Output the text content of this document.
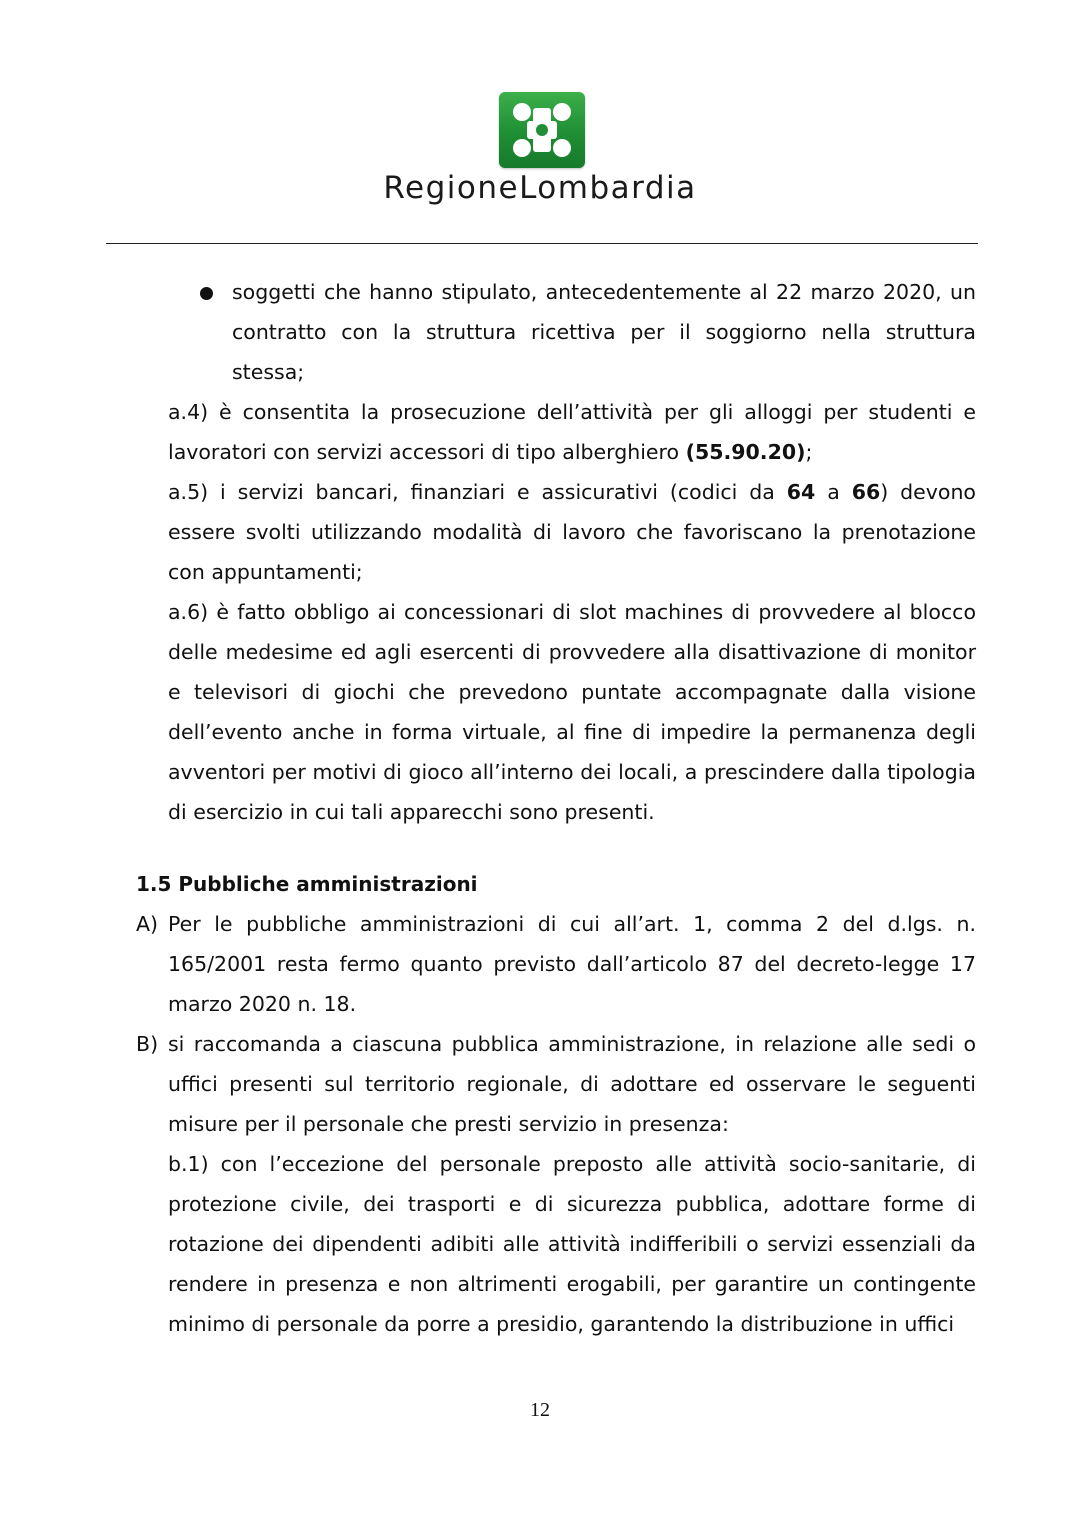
RegioneLombardia

soggetti che hanno stipulato, antecedentemente al 22 marzo 2020, un contratto con la struttura ricettiva per il soggiorno nella struttura stessa;

a.4) è consentita la prosecuzione dell’attività per gli alloggi per studenti e lavoratori con servizi accessori di tipo alberghiero (55.90.20);

a.5) i servizi bancari, finanziari e assicurativi (codici da 64 a 66) devono essere svolti utilizzando modalità di lavoro che favoriscano la prenotazione con appuntamenti;

a.6) è fatto obbligo ai concessionari di slot machines di provvedere al blocco delle medesime ed agli esercenti di provvedere alla disattivazione di monitor e televisori di giochi che prevedono puntate accompagnate dalla visione dell’evento anche in forma virtuale, al fine di impedire la permanenza degli avventori per motivi di gioco all’interno dei locali, a prescindere dalla tipologia di esercizio in cui tali apparecchi sono presenti.

1.5 Pubbliche amministrazioni

A) Per le pubbliche amministrazioni di cui all’art. 1, comma 2 del d.lgs. n. 165/2001 resta fermo quanto previsto dall’articolo 87 del decreto-legge 17 marzo 2020 n. 18.

B) si raccomanda a ciascuna pubblica amministrazione, in relazione alle sedi o uffici presenti sul territorio regionale, di adottare ed osservare le seguenti misure per il personale che presti servizio in presenza:

b.1) con l’eccezione del personale preposto alle attività socio-sanitarie, di protezione civile, dei trasporti e di sicurezza pubblica, adottare forme di rotazione dei dipendenti adibiti alle attività indifferibili o servizi essenziali da rendere in presenza e non altrimenti erogabili, per garantire un contingente minimo di personale da porre a presidio, garantendo la distribuzione in uffici

12
